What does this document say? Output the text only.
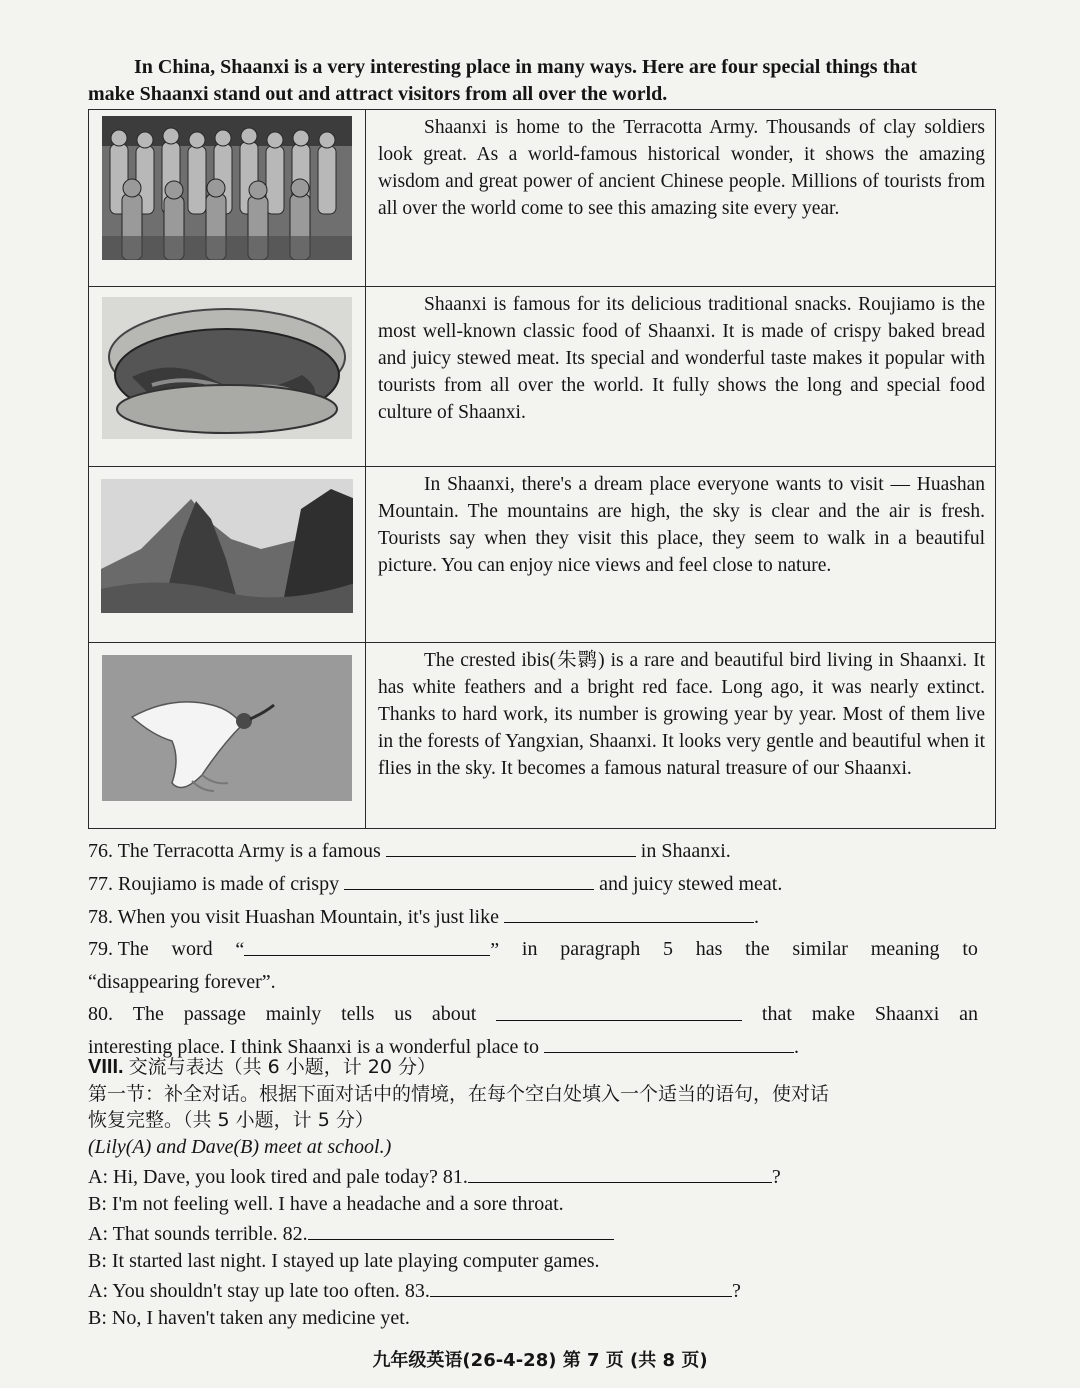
In China, Shaanxi is a very interesting place in many ways. Here are four special things that
make Shaanxi stand out and attract visitors from all over the world.
	Shaanxi is home to the Terracotta Army. Thousands of clay soldiers look great. As a world-famous historical wonder, it shows the amazing wisdom and great power of ancient Chinese people. Millions of tourists from all over the world come to see this amazing site every year.

	Shaanxi is famous for its delicious traditional snacks. Roujiamo is the most well-known classic food of Shaanxi. It is made of crispy baked bread and juicy stewed meat. Its special and wonderful taste makes it popular with tourists from all over the world. It fully shows the long and special food culture of Shaanxi.

	In Shaanxi, there's a dream place everyone wants to visit — Huashan Mountain. The mountains are high, the sky is clear and the air is fresh. Tourists say when they visit this place, they seem to walk in a beautiful picture. You can enjoy nice views and feel close to nature.

	The crested ibis(朱鹮) is a rare and beautiful bird living in Shaanxi. It has white feathers and a bright red face. Long ago, it was nearly extinct. Thanks to hard work, its number is growing year by year. Most of them live in the forests of Yangxian, Shaanxi. It looks very gentle and beautiful when it flies in the sky. It becomes a famous natural treasure of our Shaanxi.
76. The Terracotta Army is a famous	in Shaanxi.
77. Roujiamo is made of crispy	and juicy stewed meat.
78. When you visit Huashan Mountain, it's just like	.
79. The word “	” in paragraph 5 has the similar meaning to
“disappearing forever”.
80. The passage mainly tells us about	that make Shaanxi an
interesting place. I think Shaanxi is a wonderful place to	.
VIII. 交流与表达（共 6 小题，计 20 分）
第一节：补全对话。根据下面对话中的情境，在每个空白处填入一个适当的语句，使对话
恢复完整。（共 5 小题，计 5 分）
(Lily(A) and Dave(B) meet at school.)
A: Hi, Dave, you look tired and pale today? 81.	?
B: I'm not feeling well. I have a headache and a sore throat.
A: That sounds terrible. 82.
B: It started last night. I stayed up late playing computer games.
A: You shouldn't stay up late too often. 83.	?
B: No, I haven't taken any medicine yet.
九年级英语(26-4-28) 第 7 页 (共 8 页)
